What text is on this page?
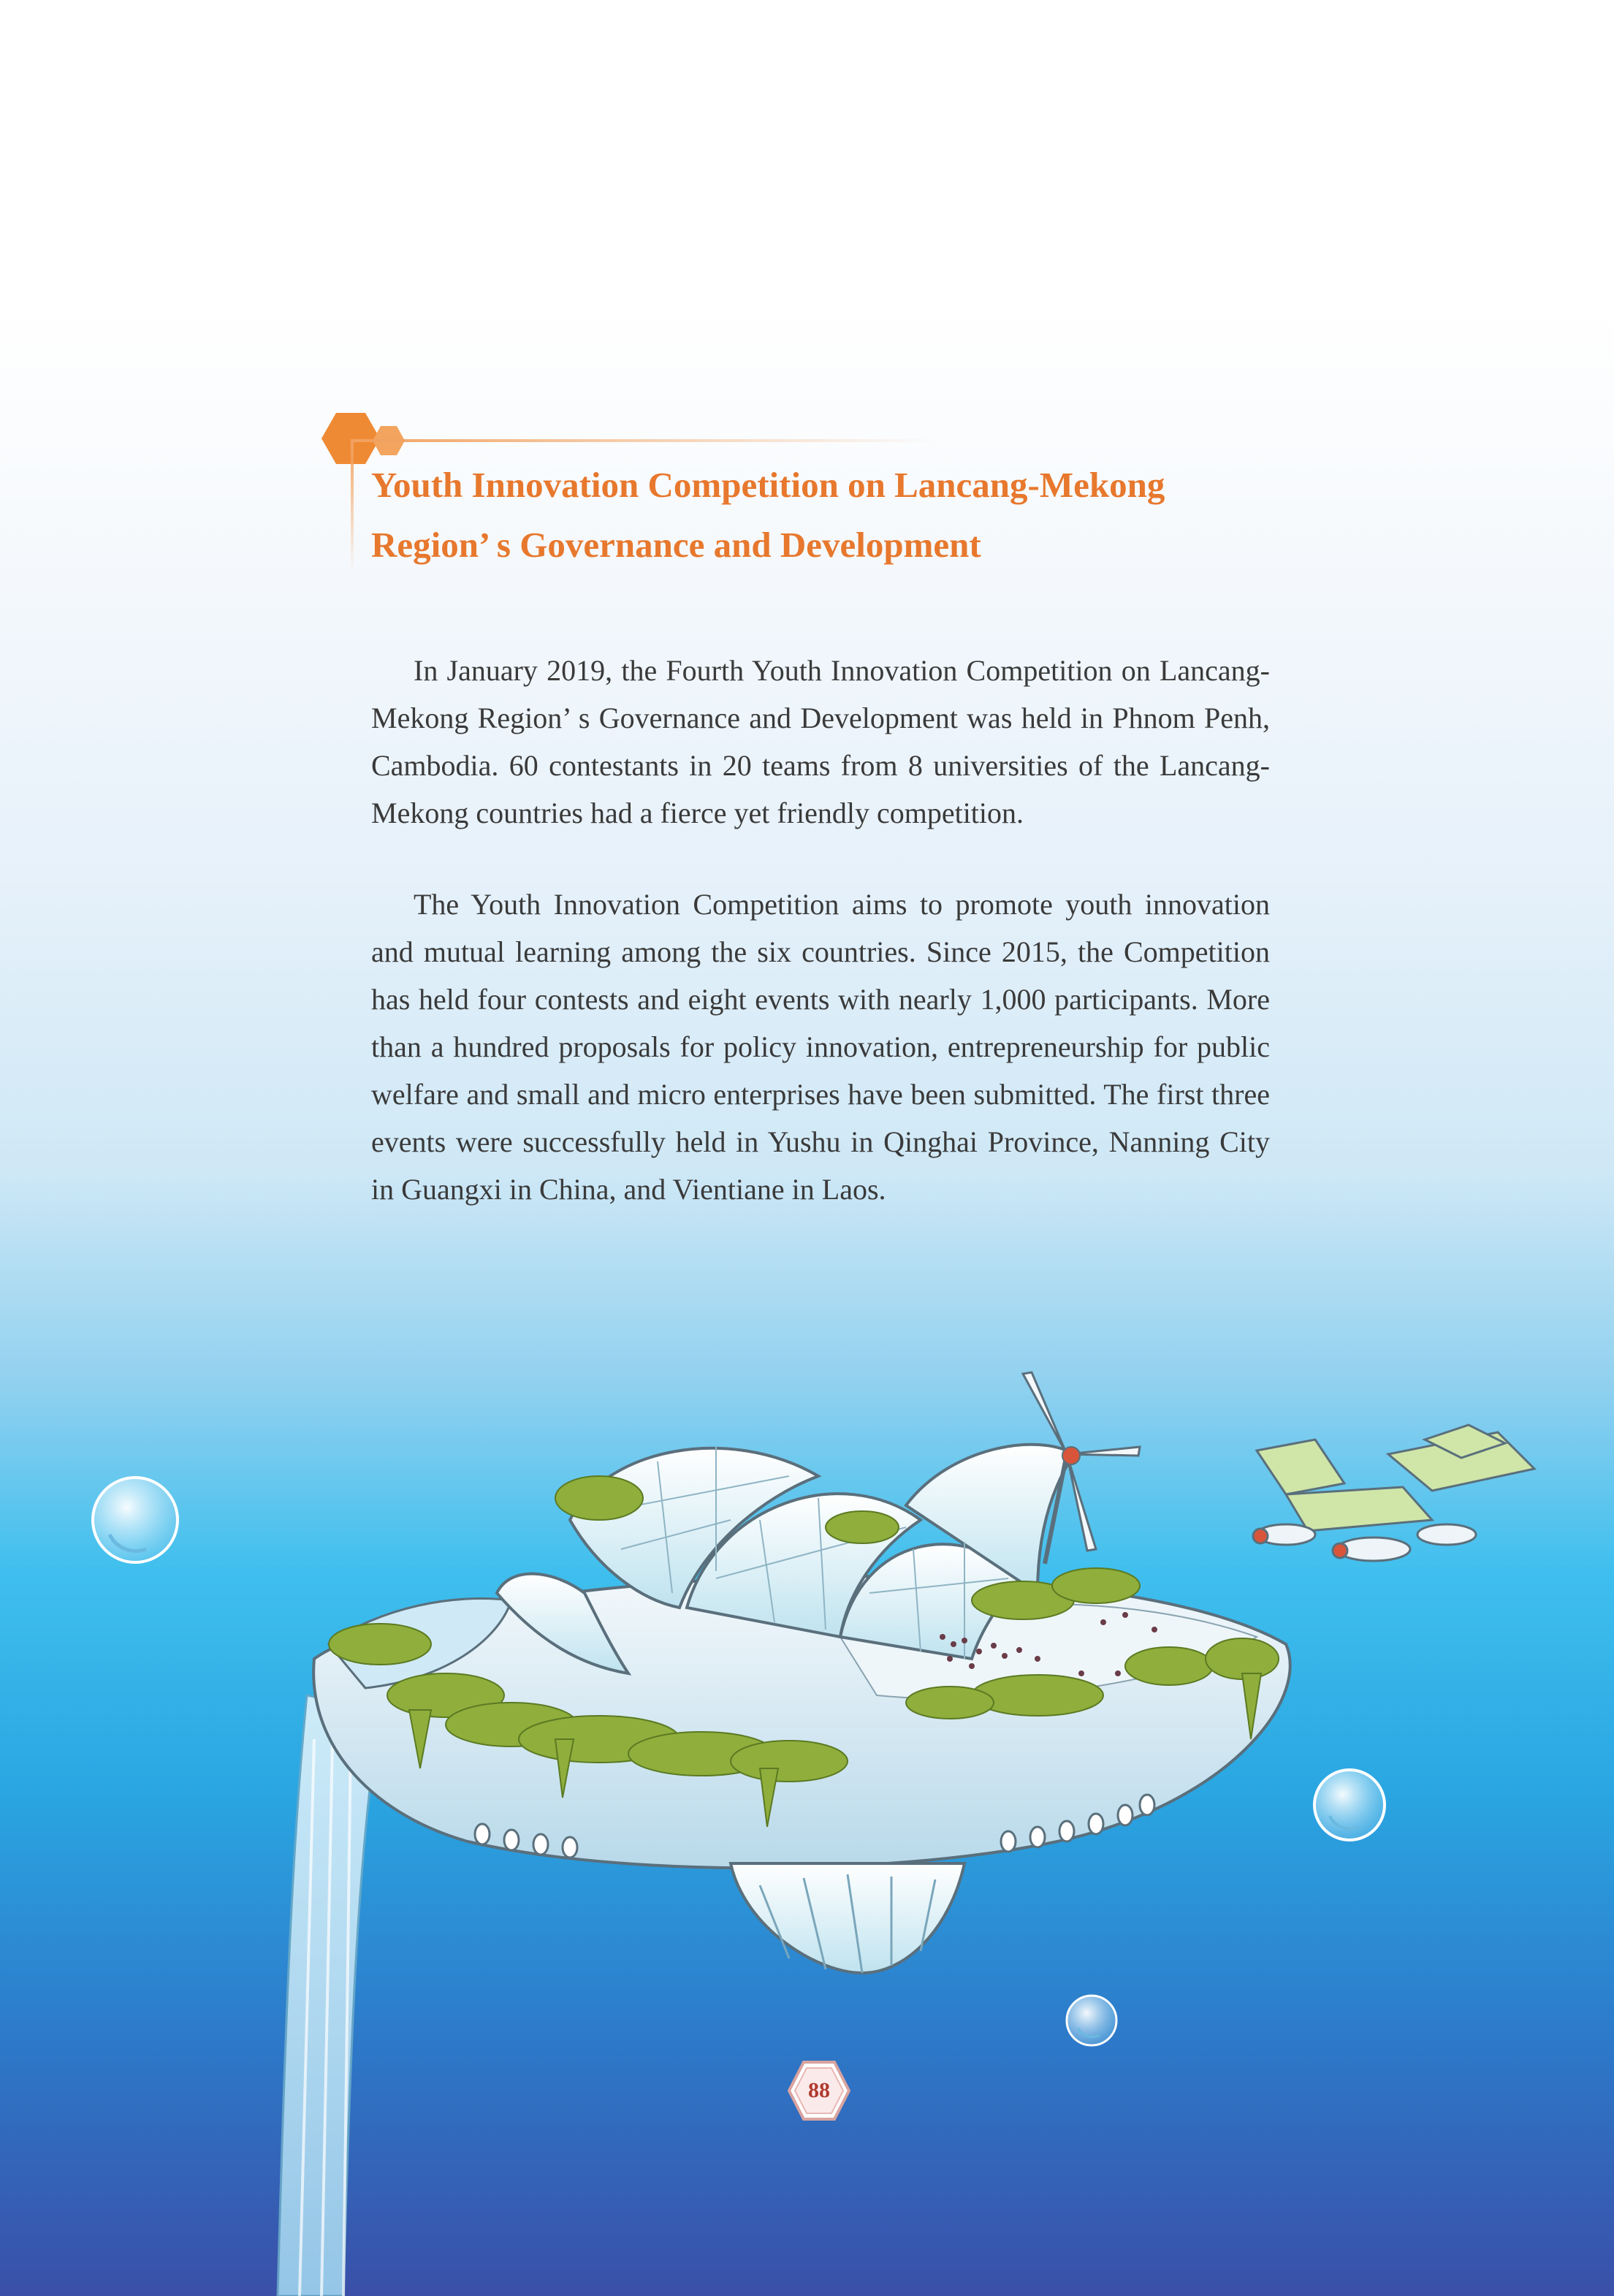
Youth Innovation Competition on Lancang-Mekong Region’ s Governance and Development

In January 2019, the Fourth Youth Innovation Competition on Lancang-Mekong Region’ s Governance and Development was held in Phnom Penh, Cambodia. 60 contestants in 20 teams from 8 universities of the Lancang-Mekong countries had a fierce yet friendly competition.

The Youth Innovation Competition aims to promote youth innovation and mutual learning among the six countries. Since 2015, the Competition has held four contests and eight events with nearly 1,000 participants. More than a hundred proposals for policy innovation, entrepreneurship for public welfare and small and micro enterprises have been submitted. The first three events were successfully held in Yushu in Qinghai Province, Nanning City in Guangxi in China, and Vientiane in Laos.

88
